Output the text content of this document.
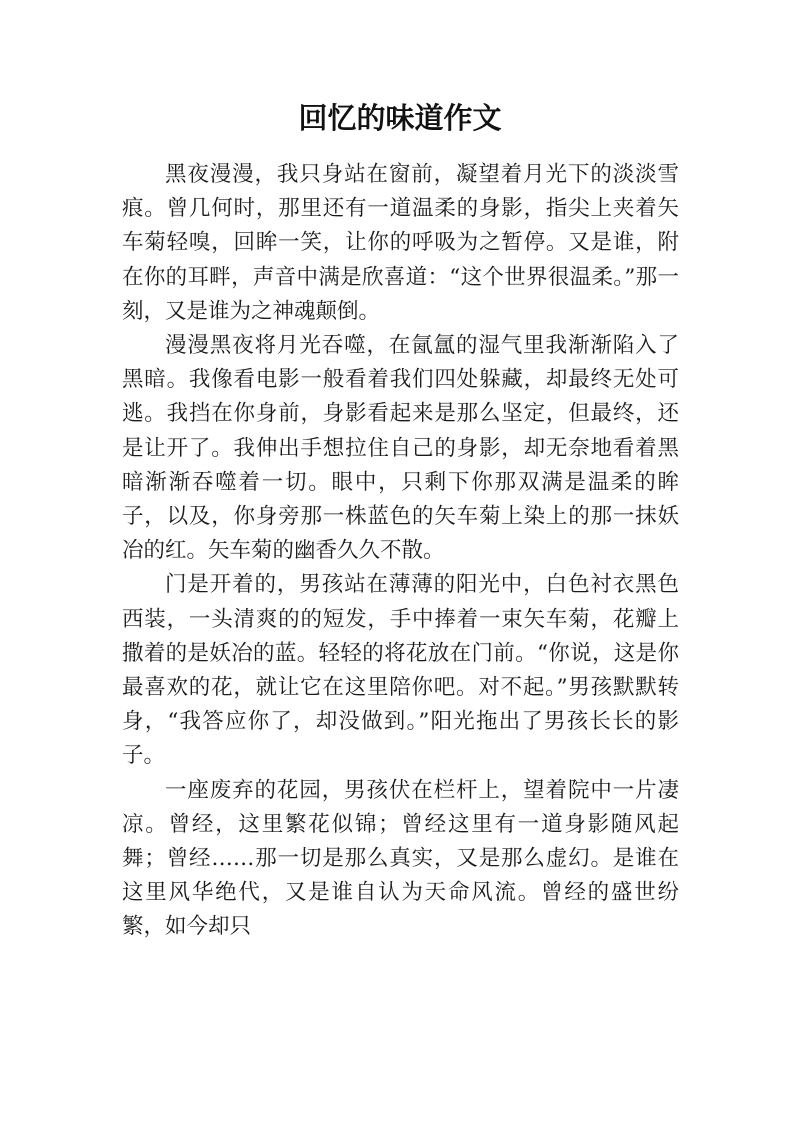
回忆的味道作文

黑夜漫漫，我只身站在窗前，凝望着月光下的淡淡雪痕。曾几何时，那里还有一道温柔的身影，指尖上夹着矢车菊轻嗅，回眸一笑，让你的呼吸为之暂停。又是谁，附在你的耳畔，声音中满是欣喜道：“这个世界很温柔。”那一刻，又是谁为之神魂颠倒。

漫漫黑夜将月光吞噬，在氤氲的湿气里我渐渐陷入了黑暗。我像看电影一般看着我们四处躲藏，却最终无处可逃。我挡在你身前，身影看起来是那么坚定，但最终，还是让开了。我伸出手想拉住自己的身影，却无奈地看着黑暗渐渐吞噬着一切。眼中，只剩下你那双满是温柔的眸子，以及，你身旁那一株蓝色的矢车菊上染上的那一抹妖冶的红。矢车菊的幽香久久不散。

门是开着的，男孩站在薄薄的阳光中，白色衬衣黑色西装，一头清爽的的短发，手中捧着一束矢车菊，花瓣上撒着的是妖冶的蓝。轻轻的将花放在门前。“你说，这是你最喜欢的花，就让它在这里陪你吧。对不起。”男孩默默转身，“我答应你了，却没做到。”阳光拖出了男孩长长的影子。

一座废弃的花园，男孩伏在栏杆上，望着院中一片凄凉。曾经，这里繁花似锦；曾经这里有一道身影随风起舞；曾经……那一切是那么真实，又是那么虚幻。是谁在这里风华绝代，又是谁自认为天命风流。曾经的盛世纷繁，如今却只
